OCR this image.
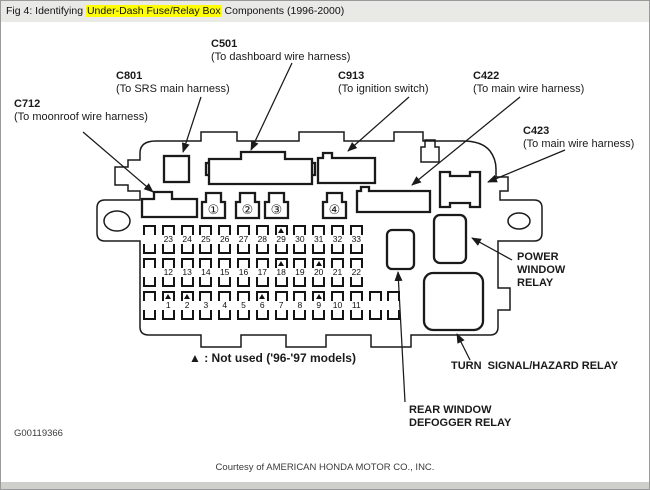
Fig 4: Identifying Under-Dash Fuse/Relay Box Components (1996-2000)
① ② ③	④
C712
(To moonroof wire harness)
C801
(To SRS main harness)
C501
(To dashboard wire harness)
C913
(To ignition switch)
C422
(To main wire harness)
C423
(To main wire harness)
POWER
WINDOW
RELAY
TURN  SIGNAL/HAZARD RELAY
REAR WINDOW
DEFOGGER RELAY
▲ : Not used ('96-'97 models)
23	24	25	26	27	28	29	30	31	32	33
12	13	14	15	16	17	18	19	20	21	22
1	2	3	4	5	6	7	8	9	10	11
G00119366
Courtesy of AMERICAN HONDA MOTOR CO., INC.
